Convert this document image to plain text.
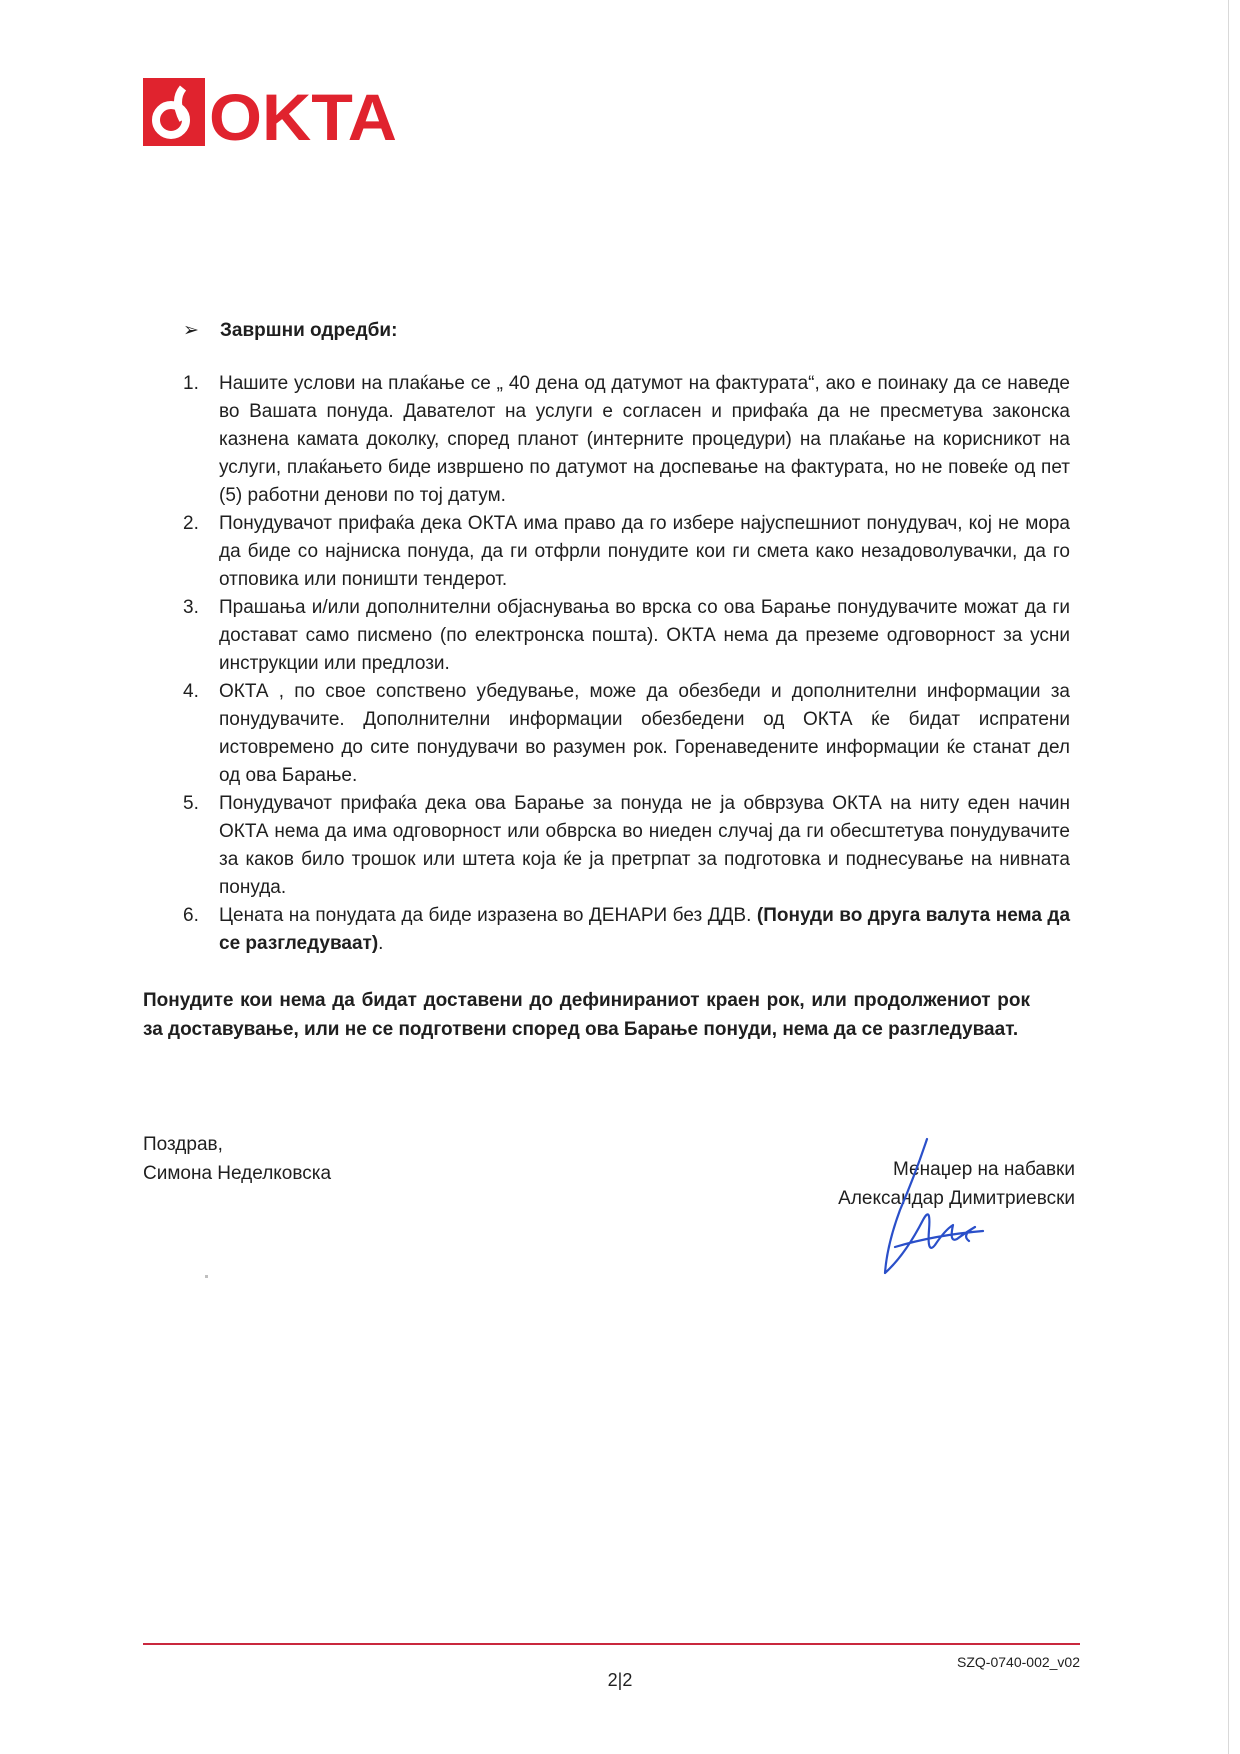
OKTA
➢ Завршни одредби:
1. Нашите услови на плаќање се „ 40 дена од датумот на фактурата“, ако е поинаку да се наведе во Вашата понуда. Давателот на услуги е согласен и прифаќа да не пресметува законска казнена камата доколку, според планот (интерните процедури) на плаќање на корисникот на услуги, плаќањето биде извршено по датумот на доспевање на фактурата, но не повеќе од пет (5) работни денови по тој датум.
2. Понудувачот прифаќа дека ОКТА има право да го избере најуспешниот понудувач, кој не мора да биде со најниска понуда, да ги отфрли понудите кои ги смета како незадоволувачки, да го отповика или поништи тендерот.
3. Прашања и/или дополнителни објаснувања во врска со ова Барање понудувачите можат да ги достават само писмено (по електронска пошта). ОКТА нема да преземе одговорност за усни инструкции или предлози.
4. ОКТА , по свое сопствено убедување, може да обезбеди и дополнителни информации за понудувачите. Дополнителни информации обезбедени од ОКТА ќе бидат испратени истовремено до сите понудувачи во разумен рок. Горенаведените информации ќе станат дел од ова Барање.
5. Понудувачот прифаќа дека ова Барање за понуда не ја обврзува ОКТА на ниту еден начин ОКТА нема да има одговорност или обврска во ниеден случај да ги обесштетува понудувачите за каков било трошок или штета која ќе ја претрпат за подготовка и поднесување на нивната понуда.
6. Цената на понудата да биде изразена во ДЕНАРИ без ДДВ. (Понуди во друга валута нема да се разгледуваат).

Понудите кои нема да бидат доставени до дефинираниот краен рок, или продолжениот рок за доставување, или не се подготвени според ова Барање понуди, нема да се разгледуваат.

Поздрав,
Симона Неделковска	Менаџер на набавки
Александар Димитриевски
SZQ-0740-002_v02
2|2
